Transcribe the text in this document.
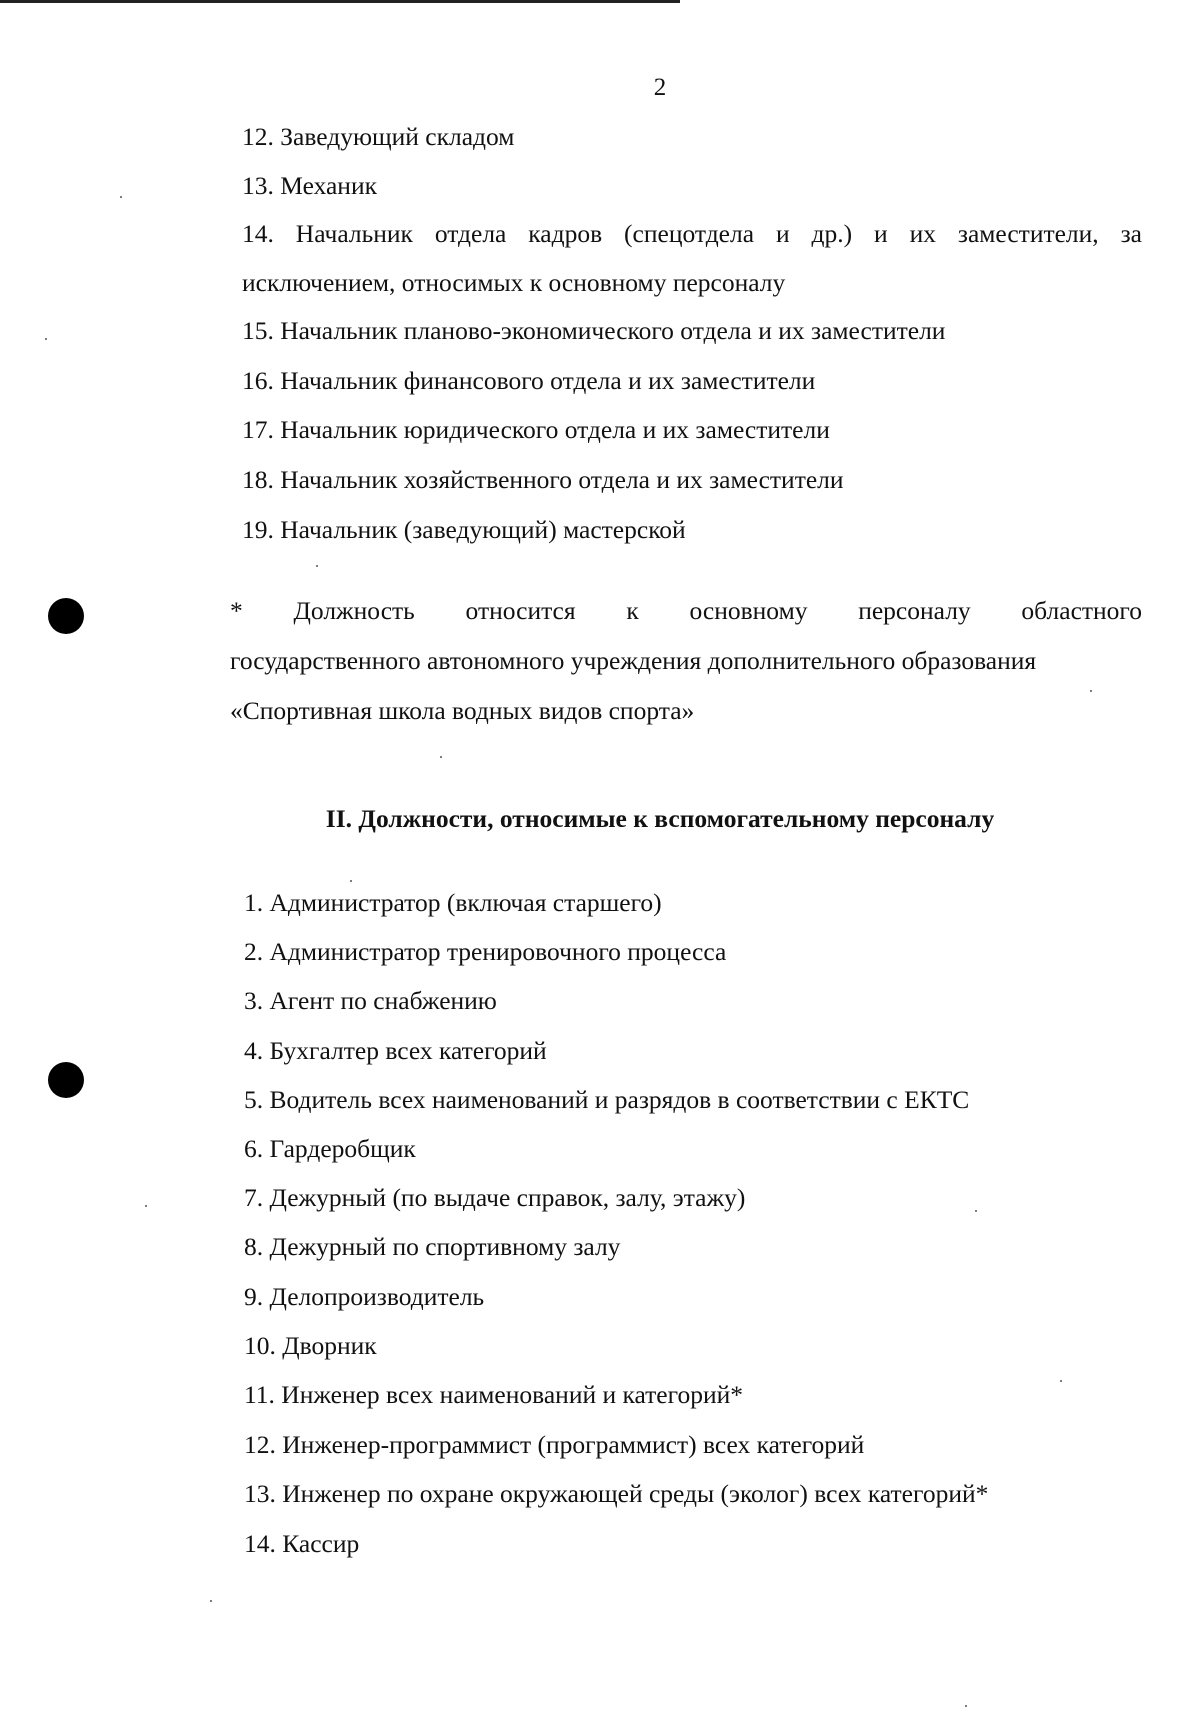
2
12. Заведующий складом
13. Механик
14. Начальник отдела кадров (спецотдела и др.) и их заместители, за
исключением, относимых к основному персоналу
15. Начальник планово-экономического отдела и их заместители
16. Начальник финансового отдела и их заместители
17. Начальник юридического отдела и их заместители
18. Начальник хозяйственного отдела и их заместители
19. Начальник (заведующий) мастерской
* Должность относится к основному персоналу областного
государственного автономного учреждения дополнительного образования
«Спортивная школа водных видов спорта»
II. Должности, относимые к вспомогательному персоналу
1. Администратор (включая старшего)
2. Администратор тренировочного процесса
3. Агент по снабжению
4. Бухгалтер всех категорий
5. Водитель всех наименований и разрядов в соответствии с ЕКТС
6. Гардеробщик
7. Дежурный (по выдаче справок, залу, этажу)
8. Дежурный по спортивному залу
9. Делопроизводитель
10. Дворник
11. Инженер всех наименований и категорий*
12. Инженер-программист (программист) всех категорий
13. Инженер по охране окружающей среды (эколог) всех категорий*
14. Кассир
